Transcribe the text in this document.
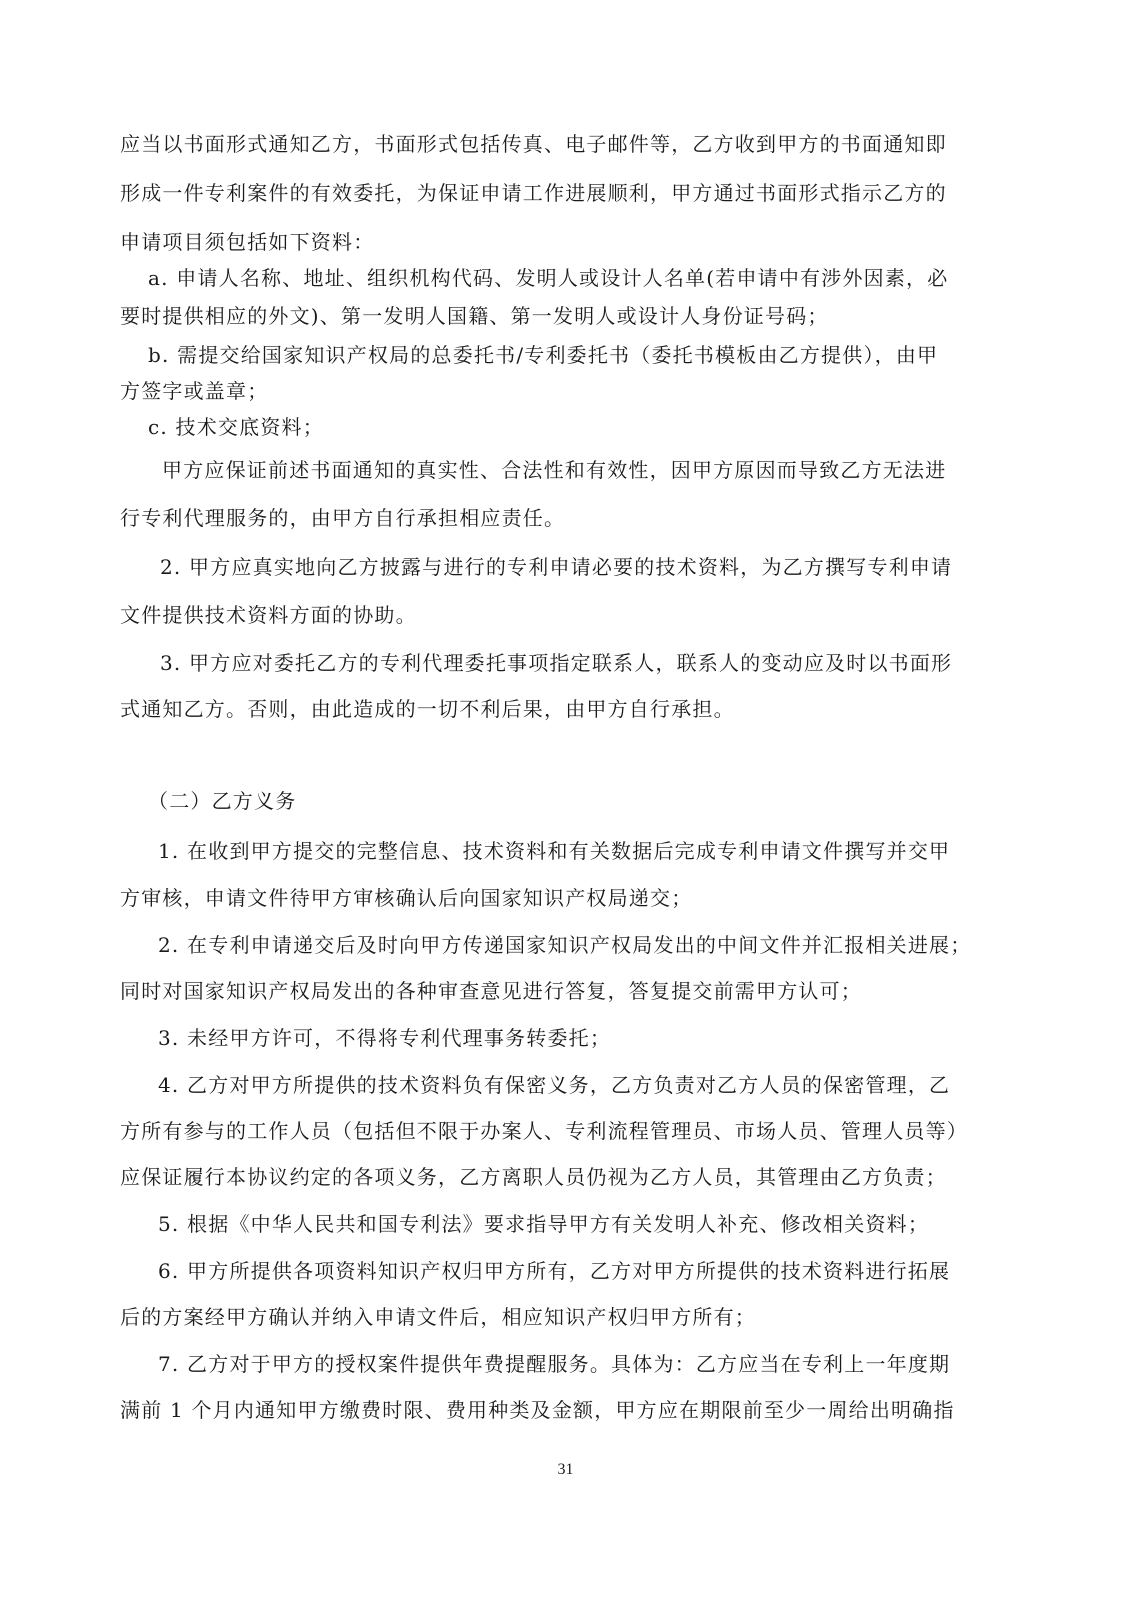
应当以书面形式通知乙方，书面形式包括传真、电子邮件等，乙方收到甲方的书面通知即
形成一件专利案件的有效委托，为保证申请工作进展顺利，甲方通过书面形式指示乙方的
申请项目须包括如下资料：
a. 申请人名称、地址、组织机构代码、发明人或设计人名单(若申请中有涉外因素，必
要时提供相应的外文)、第一发明人国籍、第一发明人或设计人身份证号码；
b. 需提交给国家知识产权局的总委托书/专利委托书（委托书模板由乙方提供），由甲
方签字或盖章；
c. 技术交底资料；
甲方应保证前述书面通知的真实性、合法性和有效性，因甲方原因而导致乙方无法进
行专利代理服务的，由甲方自行承担相应责任。
2. 甲方应真实地向乙方披露与进行的专利申请必要的技术资料，为乙方撰写专利申请
文件提供技术资料方面的协助。
3. 甲方应对委托乙方的专利代理委托事项指定联系人，联系人的变动应及时以书面形
式通知乙方。否则，由此造成的一切不利后果，由甲方自行承担。
（二）乙方义务
1. 在收到甲方提交的完整信息、技术资料和有关数据后完成专利申请文件撰写并交甲
方审核，申请文件待甲方审核确认后向国家知识产权局递交；
2. 在专利申请递交后及时向甲方传递国家知识产权局发出的中间文件并汇报相关进展；
同时对国家知识产权局发出的各种审查意见进行答复，答复提交前需甲方认可；
3. 未经甲方许可，不得将专利代理事务转委托；
4. 乙方对甲方所提供的技术资料负有保密义务，乙方负责对乙方人员的保密管理，乙
方所有参与的工作人员（包括但不限于办案人、专利流程管理员、市场人员、管理人员等）
应保证履行本协议约定的各项义务，乙方离职人员仍视为乙方人员，其管理由乙方负责；
5. 根据《中华人民共和国专利法》要求指导甲方有关发明人补充、修改相关资料；
6. 甲方所提供各项资料知识产权归甲方所有，乙方对甲方所提供的技术资料进行拓展
后的方案经甲方确认并纳入申请文件后，相应知识产权归甲方所有；
7. 乙方对于甲方的授权案件提供年费提醒服务。具体为：乙方应当在专利上一年度期
满前 1 个月内通知甲方缴费时限、费用种类及金额，甲方应在期限前至少一周给出明确指
31
